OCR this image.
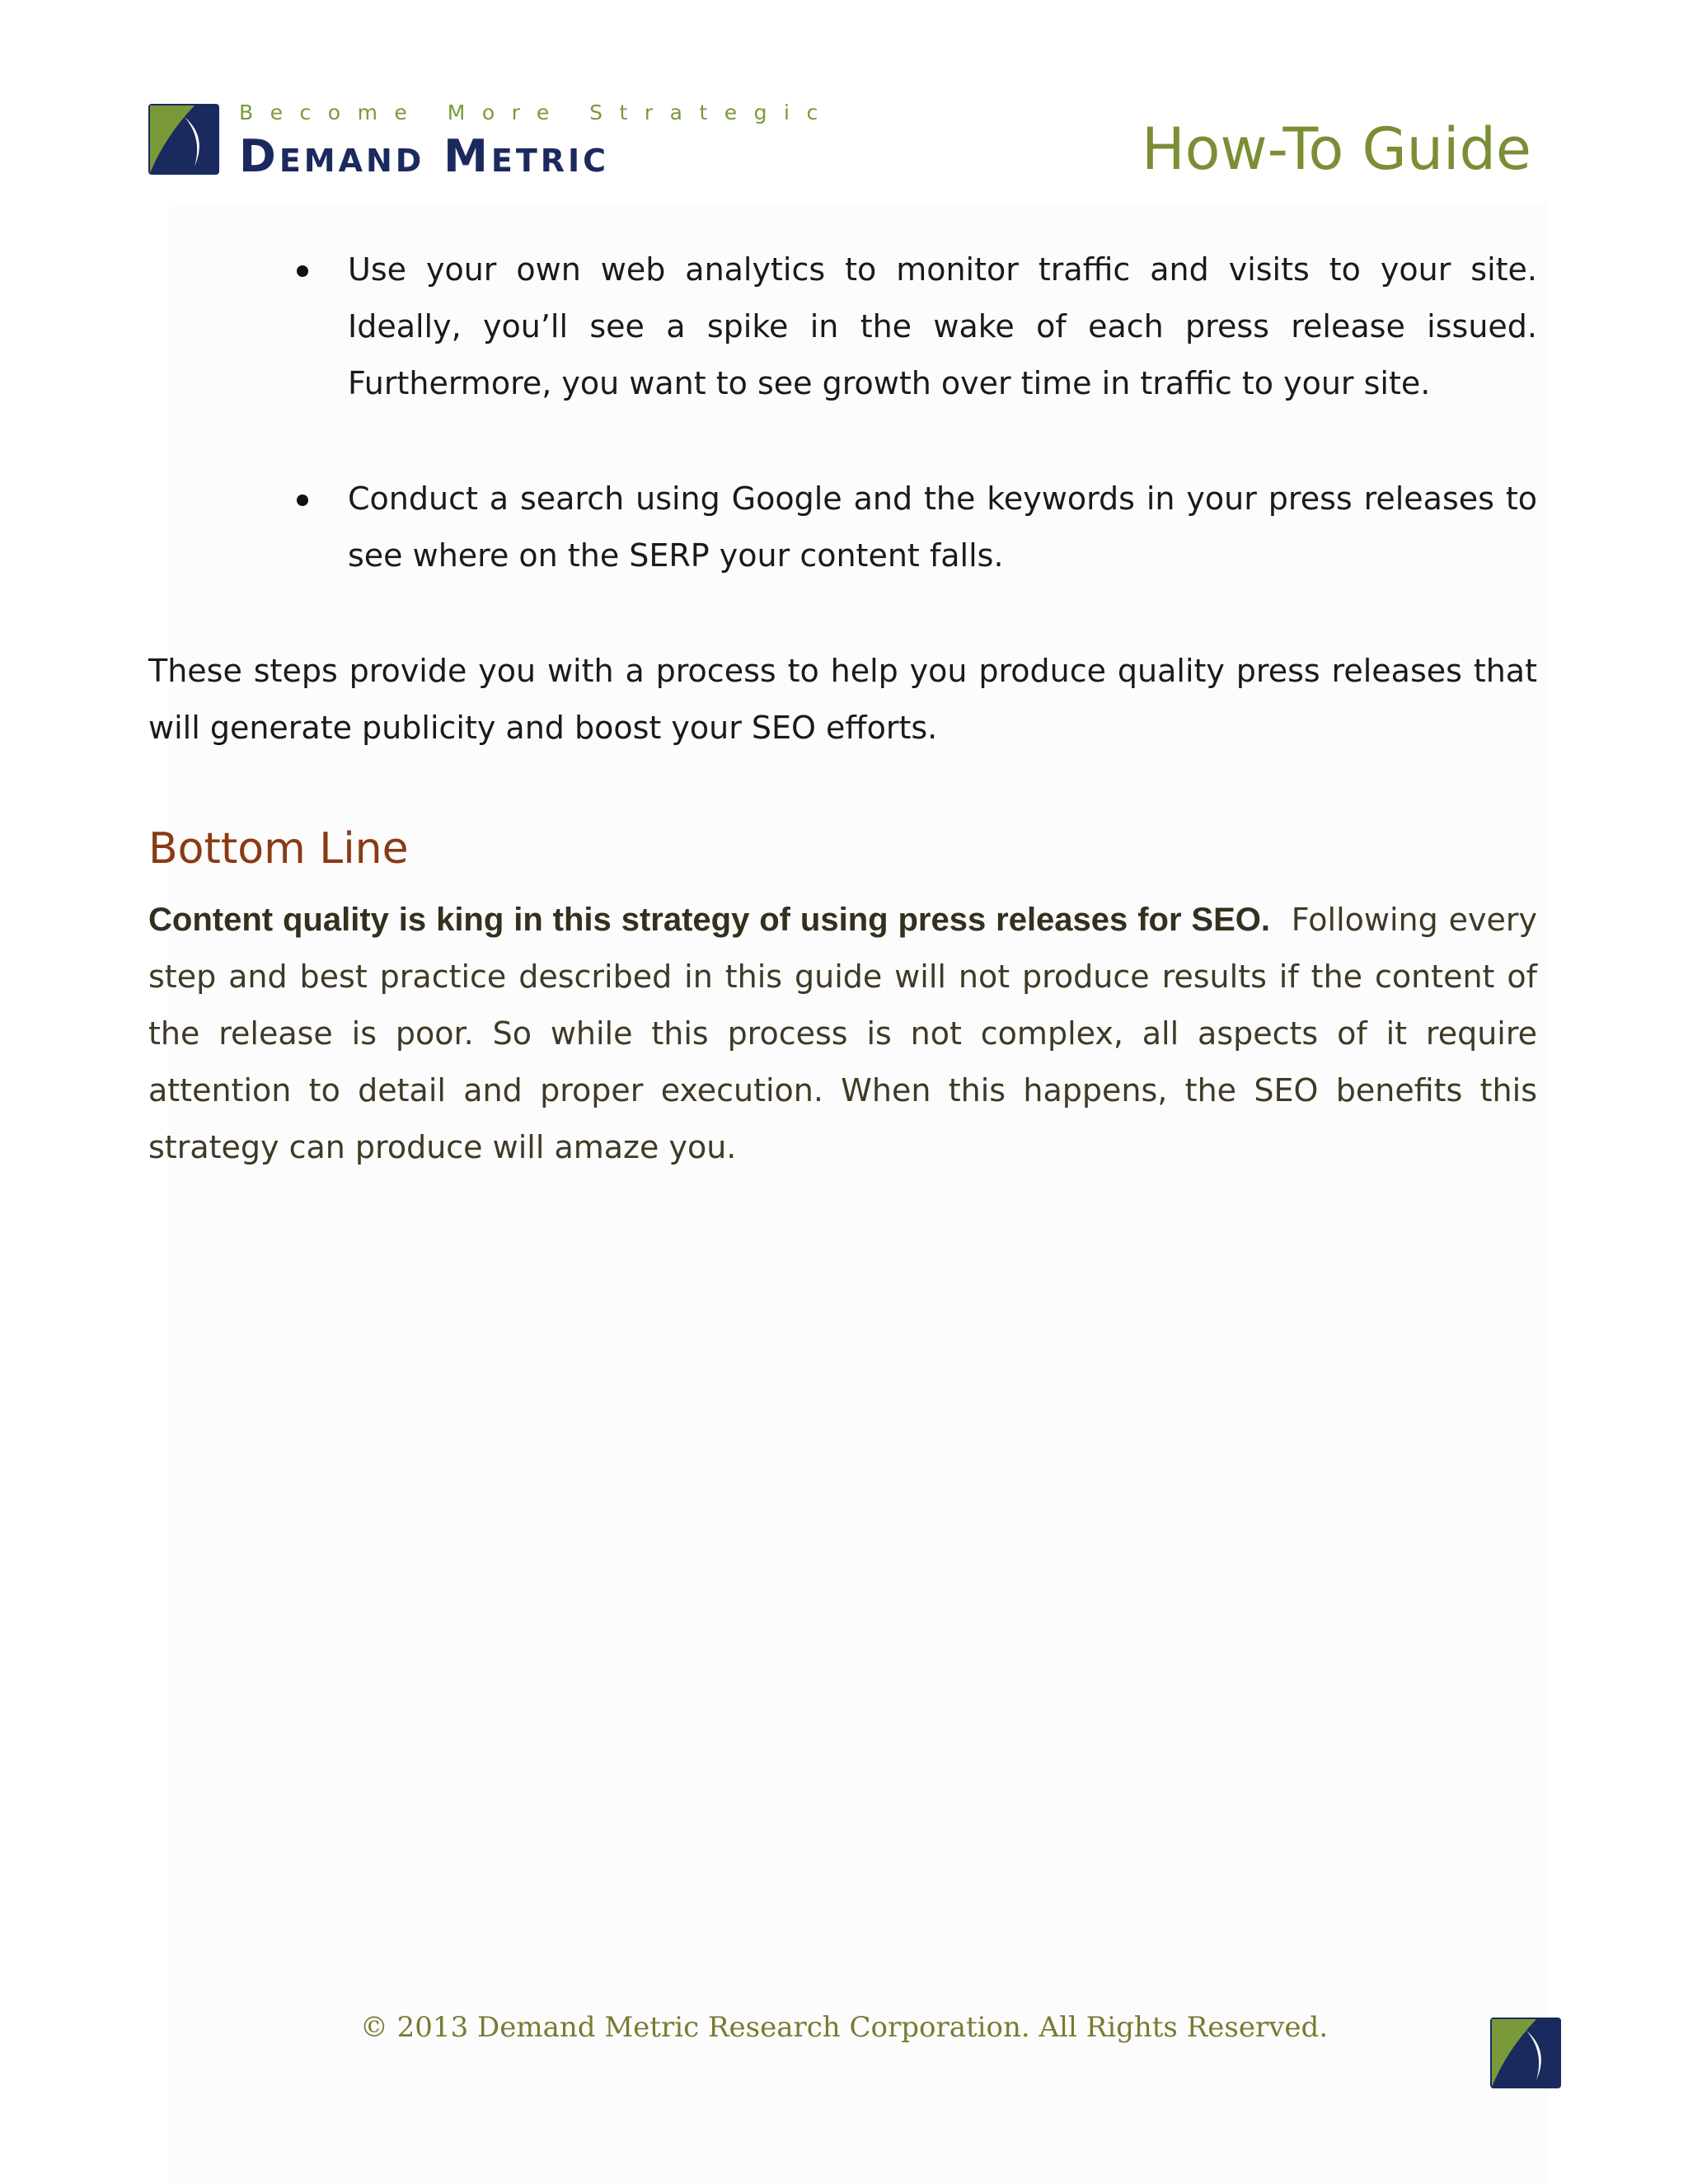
Become More Strategic
Demand Metric	How-To Guide
Use your own web analytics to monitor traffic and visits to your site. Ideally, you’ll see a spike in the wake of each press release issued. Furthermore, you want to see growth over time in traffic to your site.
Conduct a search using Google and the keywords in your press releases to see where on the SERP your content falls.
These steps provide you with a process to help you produce quality press releases that will generate publicity and boost your SEO efforts.
Bottom Line
Content quality is king in this strategy of using press releases for SEO. Following every step and best practice described in this guide will not produce results if the content of the release is poor. So while this process is not complex, all aspects of it require attention to detail and proper execution. When this happens, the SEO benefits this strategy can produce will amaze you.
© 2013 Demand Metric Research Corporation. All Rights Reserved.
